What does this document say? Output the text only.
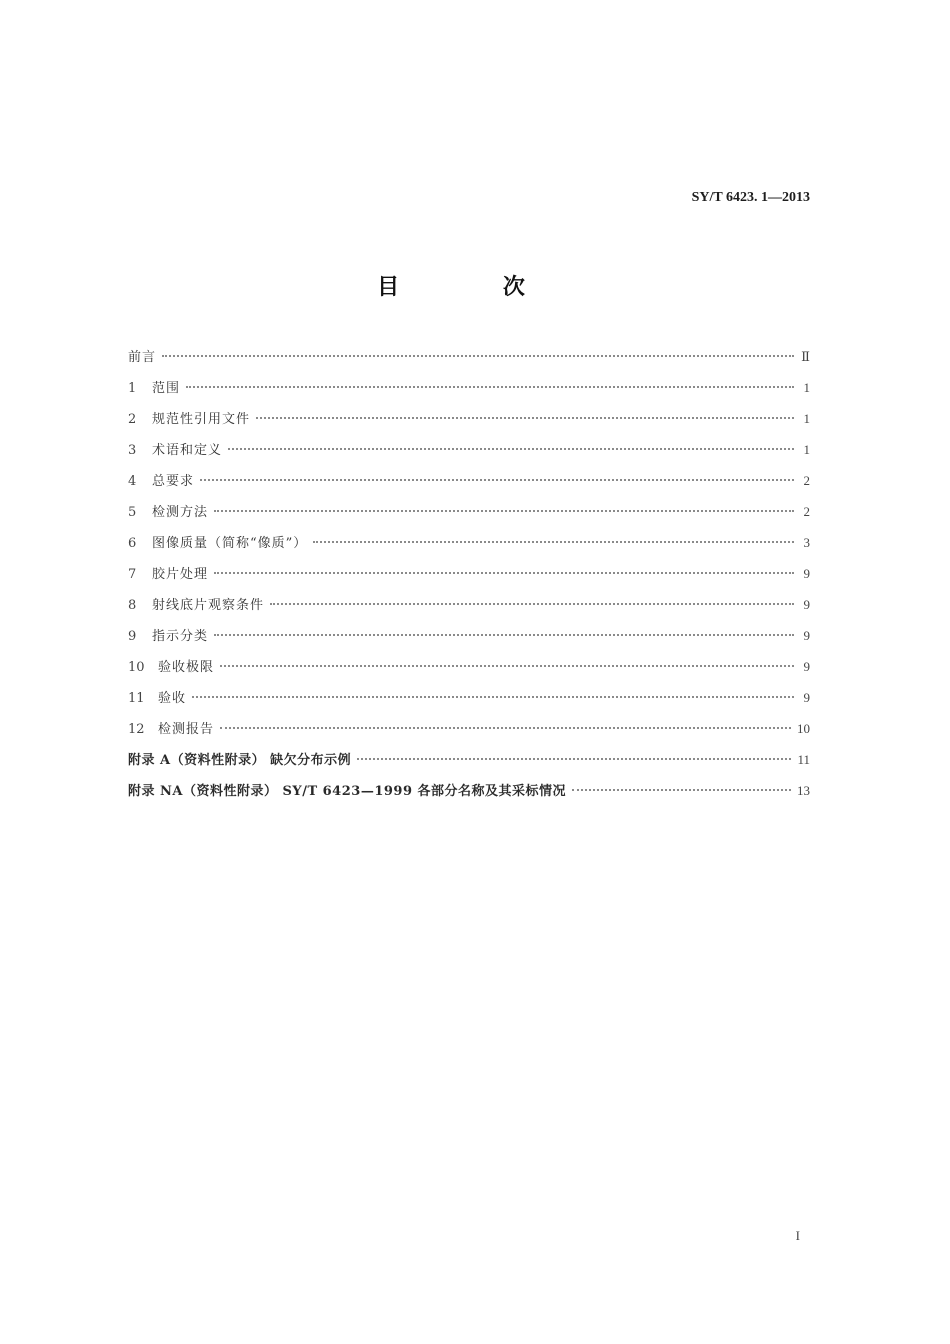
SY/T 6423. 1—2013
目 次
前言	Ⅱ
1	范围	1
2	规范性引用文件	1
3	术语和定义	1
4	总要求	2
5	检测方法	2
6	图像质量（简称“像质”）	3
7	胶片处理	9
8	射线底片观察条件	9
9	指示分类	9
10	验收极限	9
11	验收	9
12	检测报告	10
附录 A（资料性附录） 缺欠分布示例	11
附录 NA（资料性附录） SY/T 6423—1999 各部分名称及其采标情况	13
I
